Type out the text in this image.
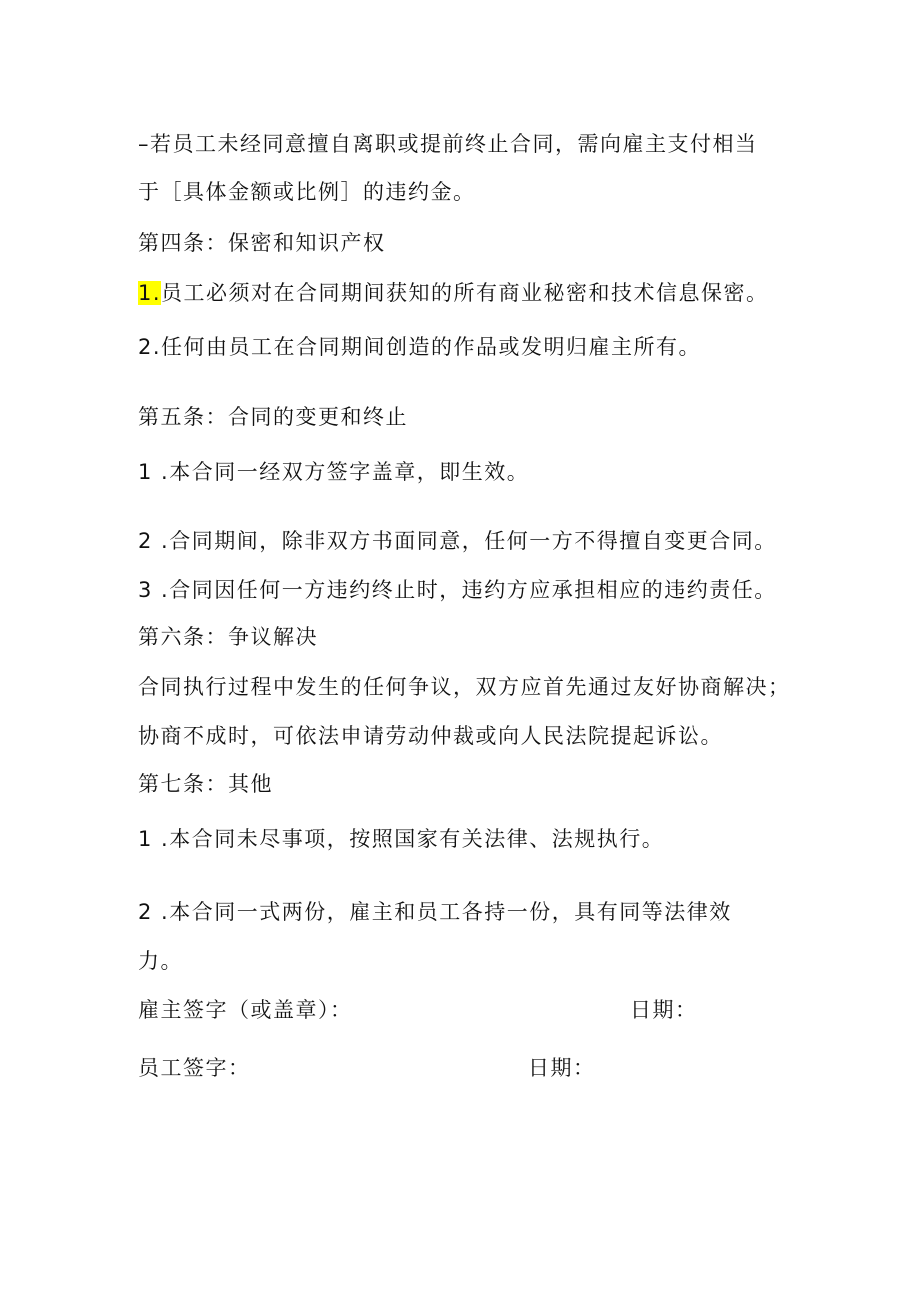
–若员工未经同意擅自离职或提前终止合同，需向雇主支付相当

于［具体金额或比例］的违约金。

第四条：保密和知识产权

1.员工必须对在合同期间获知的所有商业秘密和技术信息保密。

2.任何由员工在合同期间创造的作品或发明归雇主所有。

第五条：合同的变更和终止

1 .本合同一经双方签字盖章，即生效。

2 .合同期间，除非双方书面同意，任何一方不得擅自变更合同。

3 .合同因任何一方违约终止时，违约方应承担相应的违约责任。

第六条：争议解决

合同执行过程中发生的任何争议，双方应首先通过友好协商解决；

协商不成时，可依法申请劳动仲裁或向人民法院提起诉讼。

第七条：其他

1 .本合同未尽事项，按照国家有关法律、法规执行。

2 .本合同一式两份，雇主和员工各持一份，具有同等法律效

力。

雇主签字（或盖章）：	日期：

员工签字：	日期：
